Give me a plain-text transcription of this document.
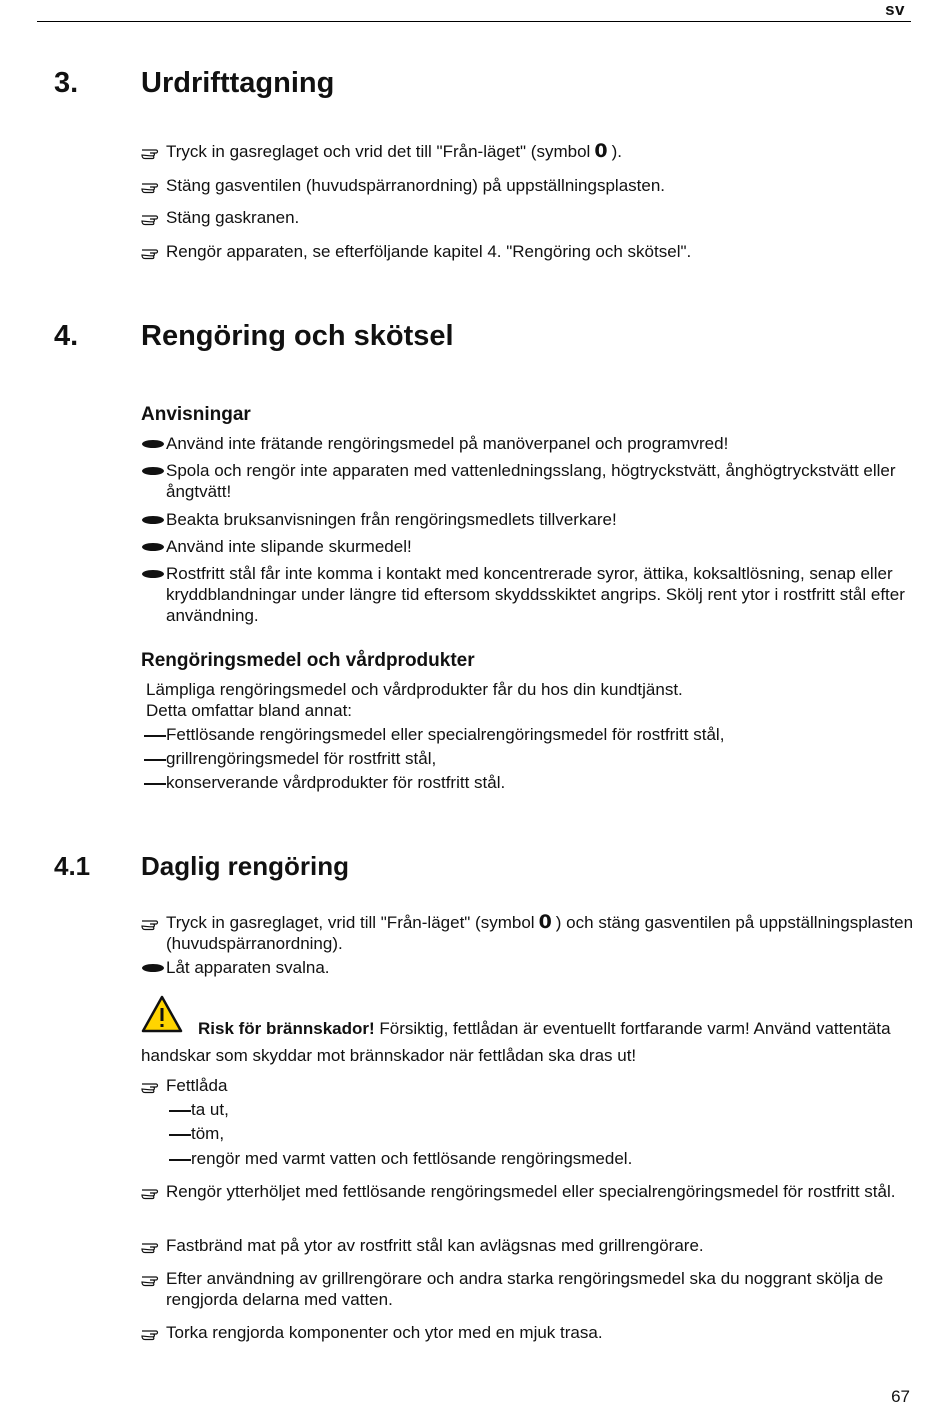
sv
3. Urdrifttagning
Tryck in gasreglaget och vrid det till "Från-läget" (symbol 0 ).
Stäng gasventilen (huvudspärranordning) på uppställningsplasten.
Stäng gaskranen.
Rengör apparaten, se efterföljande kapitel 4. "Rengöring och skötsel".
4. Rengöring och skötsel
Anvisningar
Använd inte frätande rengöringsmedel på manöverpanel och programvred!
Spola och rengör inte apparaten med vattenledningsslang, högtryckstvätt, ånghögtryckstvätt eller ångtvätt!
Beakta bruksanvisningen från rengöringsmedlets tillverkare!
Använd inte slipande skurmedel!
Rostfritt stål får inte komma i kontakt med koncentrerade syror, ättika, koksaltlösning, senap eller kryddblandningar under längre tid eftersom skyddsskiktet angrips. Skölj rent ytor i rostfritt stål efter användning.
Rengöringsmedel och vårdprodukter
Lämpliga rengöringsmedel och vårdprodukter får du hos din kundtjänst.
Detta omfattar bland annat:
Fettlösande rengöringsmedel eller specialrengöringsmedel för rostfritt stål,
grillrengöringsmedel för rostfritt stål,
konserverande vårdprodukter för rostfritt stål.
4.1 Daglig rengöring
Tryck in gasreglaget, vrid till "Från-läget" (symbol 0 ) och stäng gasventilen på uppställningsplasten (huvudspärranordning).
Låt apparaten svalna.
Risk för brännskador! Försiktig, fettlådan är eventuellt fortfarande varm! Använd vattentäta handskar som skyddar mot brännskador när fettlådan ska dras ut!
Fettlåda
ta ut,
töm,
rengör med varmt vatten och fettlösande rengöringsmedel.
Rengör ytterhöljet med fettlösande rengöringsmedel eller specialrengöringsmedel för rostfritt stål.
Fastbränd mat på ytor av rostfritt stål kan avlägsnas med grillrengörare.
Efter användning av grillrengörare och andra starka rengöringsmedel ska du noggrant skölja de rengjorda delarna med vatten.
Torka rengjorda komponenter och ytor med en mjuk trasa.
67
